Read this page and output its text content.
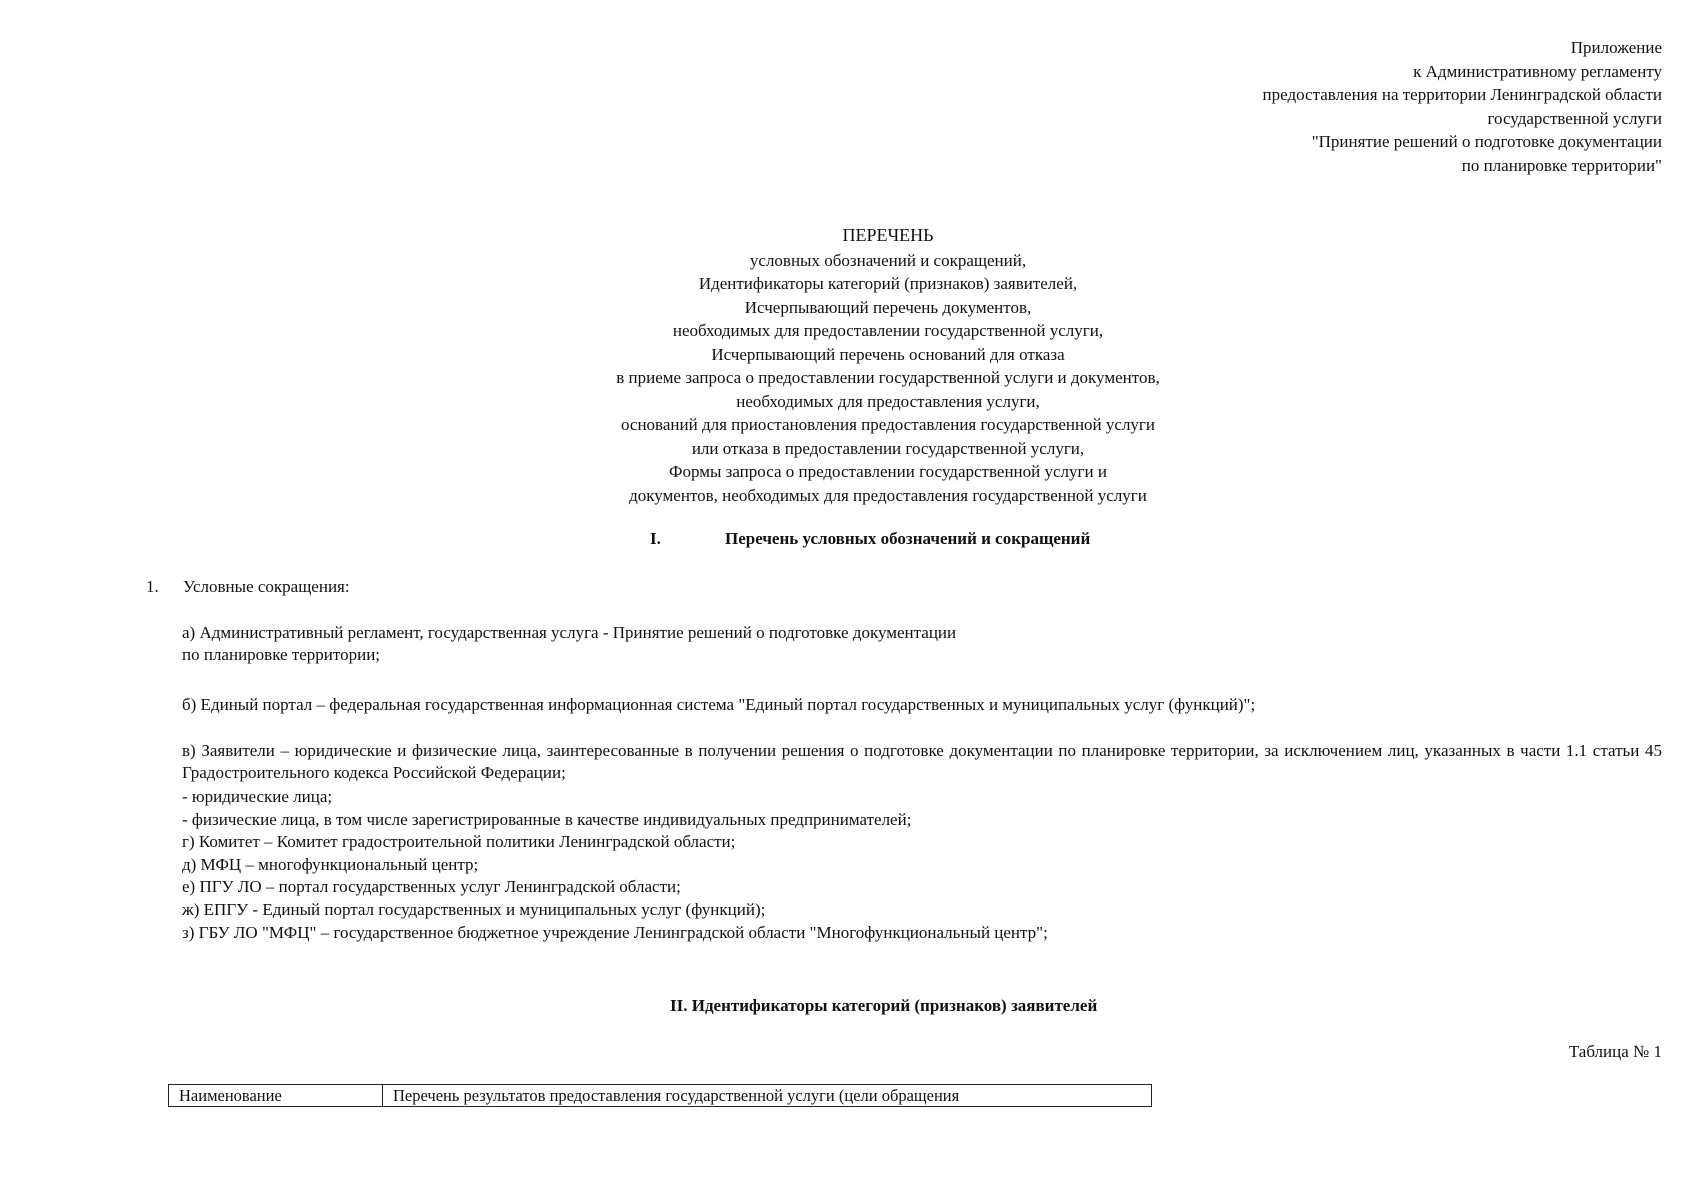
Приложение
к Административному регламенту
предоставления на территории Ленинградской области
государственной услуги
"Принятие решений о подготовке документации
по планировке территории"
ПЕРЕЧЕНЬ
условных обозначений и сокращений,
Идентификаторы категорий (признаков) заявителей,
Исчерпывающий перечень документов,
необходимых для предоставлении государственной услуги,
Исчерпывающий перечень оснований для отказа
в приеме запроса о предоставлении государственной услуги и документов,
необходимых для предоставления услуги,
оснований для приостановления предоставления государственной услуги
или отказа в предоставлении государственной услуги,
Формы запроса о предоставлении государственной услуги и
документов, необходимых для предоставления государственной услуги
I.	Перечень условных обозначений и сокращений
1. Условные сокращения:
а) Административный регламент, государственная услуга - Принятие решений о подготовке документации
по планировке территории;
б) Единый портал – федеральная государственная информационная система "Единый портал государственных и муниципальных услуг (функций)";
в) Заявители – юридические и физические лица, заинтересованные в получении решения о подготовке документации по планировке территории, за исключением лиц, указанных в части 1.1 статьи 45 Градостроительного кодекса Российской Федерации;
- юридические лица;
- физические лица, в том числе зарегистрированные в качестве индивидуальных предпринимателей;
г) Комитет – Комитет градостроительной политики Ленинградской области;
д) МФЦ – многофункциональный центр;
е) ПГУ ЛО – портал государственных услуг Ленинградской области;
ж) ЕПГУ - Единый портал государственных и муниципальных услуг (функций);
з) ГБУ ЛО "МФЦ" – государственное бюджетное учреждение Ленинградской области "Многофункциональный центр";
II. Идентификаторы категорий (признаков) заявителей
Таблица № 1
Наименование	Перечень результатов предоставления государственной услуги (цели обращения
